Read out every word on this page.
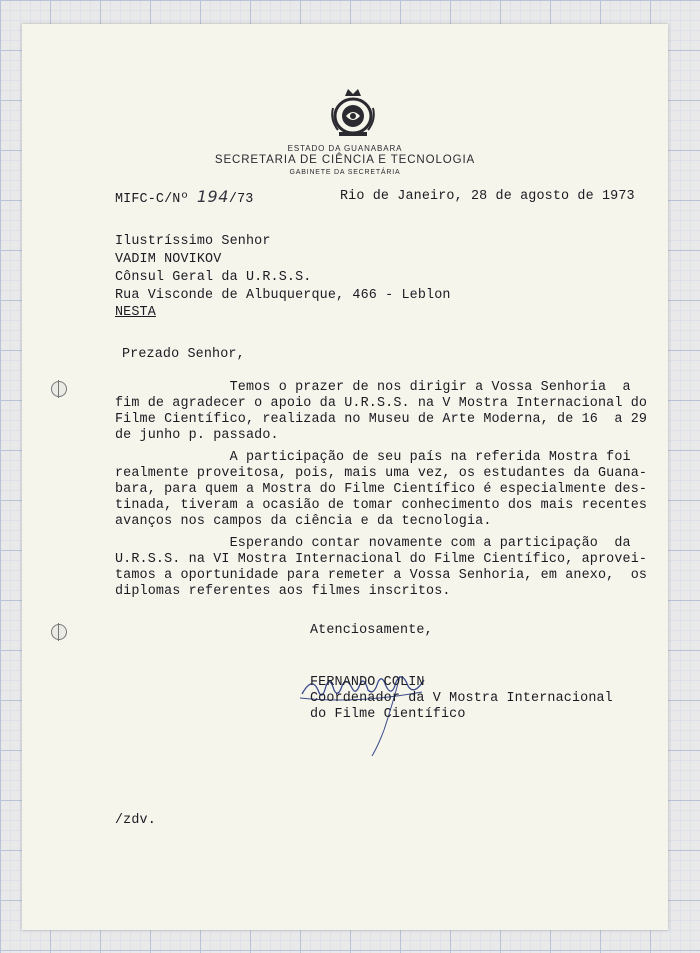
ESTADO DA GUANABARA
SECRETARIA DE CIÊNCIA E TECNOLOGIA
GABINETE DA SECRETÁRIA
MIFC-C/Nº 194/73	Rio de Janeiro, 28 de agosto de 1973
Ilustríssimo Senhor
VADIM NOVIKOV
Cônsul Geral da U.R.S.S.
Rua Visconde de Albuquerque, 466 - Leblon
NESTA
Prezado Senhor,
Temos o prazer de nos dirigir a Vossa Senhoria  a
fim de agradecer o apoio da U.R.S.S. na V Mostra Internacional do
Filme Científico, realizada no Museu de Arte Moderna, de 16  a 29
de junho p. passado.
A participação de seu país na referida Mostra foi
realmente proveitosa, pois, mais uma vez, os estudantes da Guana-
bara, para quem a Mostra do Filme Científico é especialmente des-
tinada, tiveram a ocasião de tomar conhecimento dos mais recentes
avanços nos campos da ciência e da tecnologia.
Esperando contar novamente com a participação  da
U.R.S.S. na VI Mostra Internacional do Filme Científico, aprovei-
tamos a oportunidade para remeter a Vossa Senhoria, em anexo,  os
diplomas referentes aos filmes inscritos.
Atenciosamente,
FERNANDO COLIN
Coordenador da V Mostra Internacional
do Filme Científico
/zdv.
